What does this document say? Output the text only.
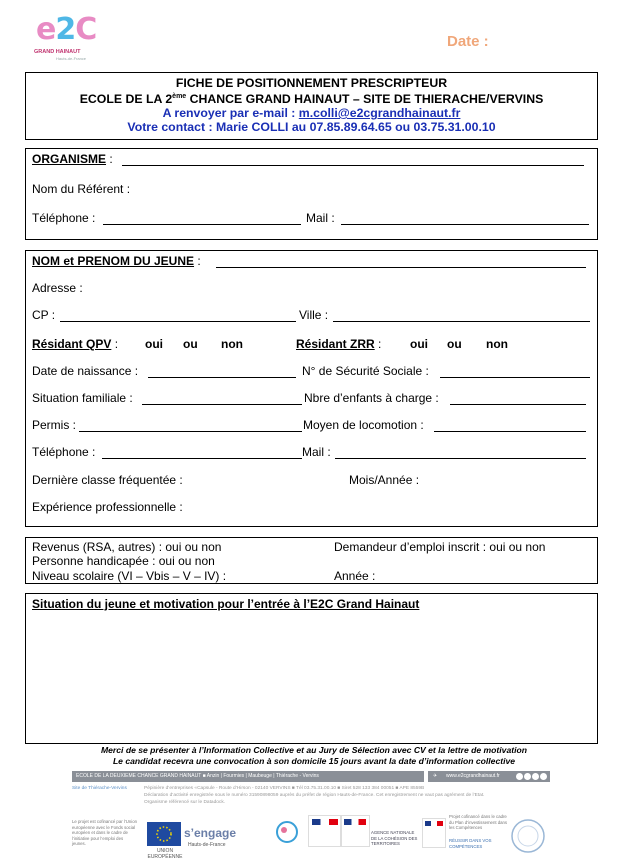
e2C
GRAND HAINAUT
Hauts-de-France
Date :
FICHE DE POSITIONNEMENT PRESCRIPTEUR
ECOLE DE LA 2ème CHANCE GRAND HAINAUT – SITE DE THIERACHE/VERVINS
A renvoyer par e-mail : m.colli@e2cgrandhainaut.fr
Votre contact : Marie COLLI au 07.85.89.64.65 ou 03.75.31.00.10
ORGANISME :
Nom du Référent :
Téléphone :	Mail :
NOM et PRENOM DU JEUNE :
Adresse :
CP :	Ville :
Résidant QPV : oui ou non	Résidant ZRR : oui ou non
Date de naissance :	N° de Sécurité Sociale :
Situation familiale :	Nbre d’enfants à charge :
Permis :	Moyen de locomotion :
Téléphone :	Mail :
Dernière classe fréquentée :	Mois/Année :
Expérience professionnelle :
Revenus (RSA, autres) : oui ou non	Demandeur d’emploi inscrit : oui ou non
Personne handicapée : oui ou non
Niveau scolaire (VI – Vbis – V – IV) :	Année :
Situation du jeune et motivation pour l’entrée à l’E2C Grand Hainaut
Merci de se présenter à l’Information Collective et au Jury de Sélection avec CV et la lettre de motivation
Le candidat recevra une convocation à son domicile 15 jours avant la date d’information collective
ECOLE DE LA DEUXIEME CHANCE GRAND HAINAUT ■ Anzin | Fourmies | Maubeuge | Thiérache - Vervins	✈ www.e2cgrandhainaut.fr
Site de Thiérache-Vervins	Pépinière d’entreprises «Capsule - Route d’Hirson - 02140 VERVINS ■ Tél 03.75.31.00.10 ■ Siret 528 133 384 00051 ■ APE 8559B
Déclaration d’activité enregistrée sous le numéro 31590898059 auprès du préfet de région Hauts-de-France. Cet enregistrement ne vaut pas agrément de l’Etat.
Organisme référencé sur le Datadock.
Le projet est cofinancé par l’Union européenne avec le Fonds social européen et dans le cadre de l’initiative pour l’emploi des jeunes.
UNION EUROPÉENNE
s’engage
Hauts-de-France
AGENCE NATIONALE DE LA COHÉSION DES TERRITOIRES
Projet cofinancé dans le cadre du Plan d’investissement dans les Compétences
RÉUSSIR DANS VOS COMPÉTENCES
